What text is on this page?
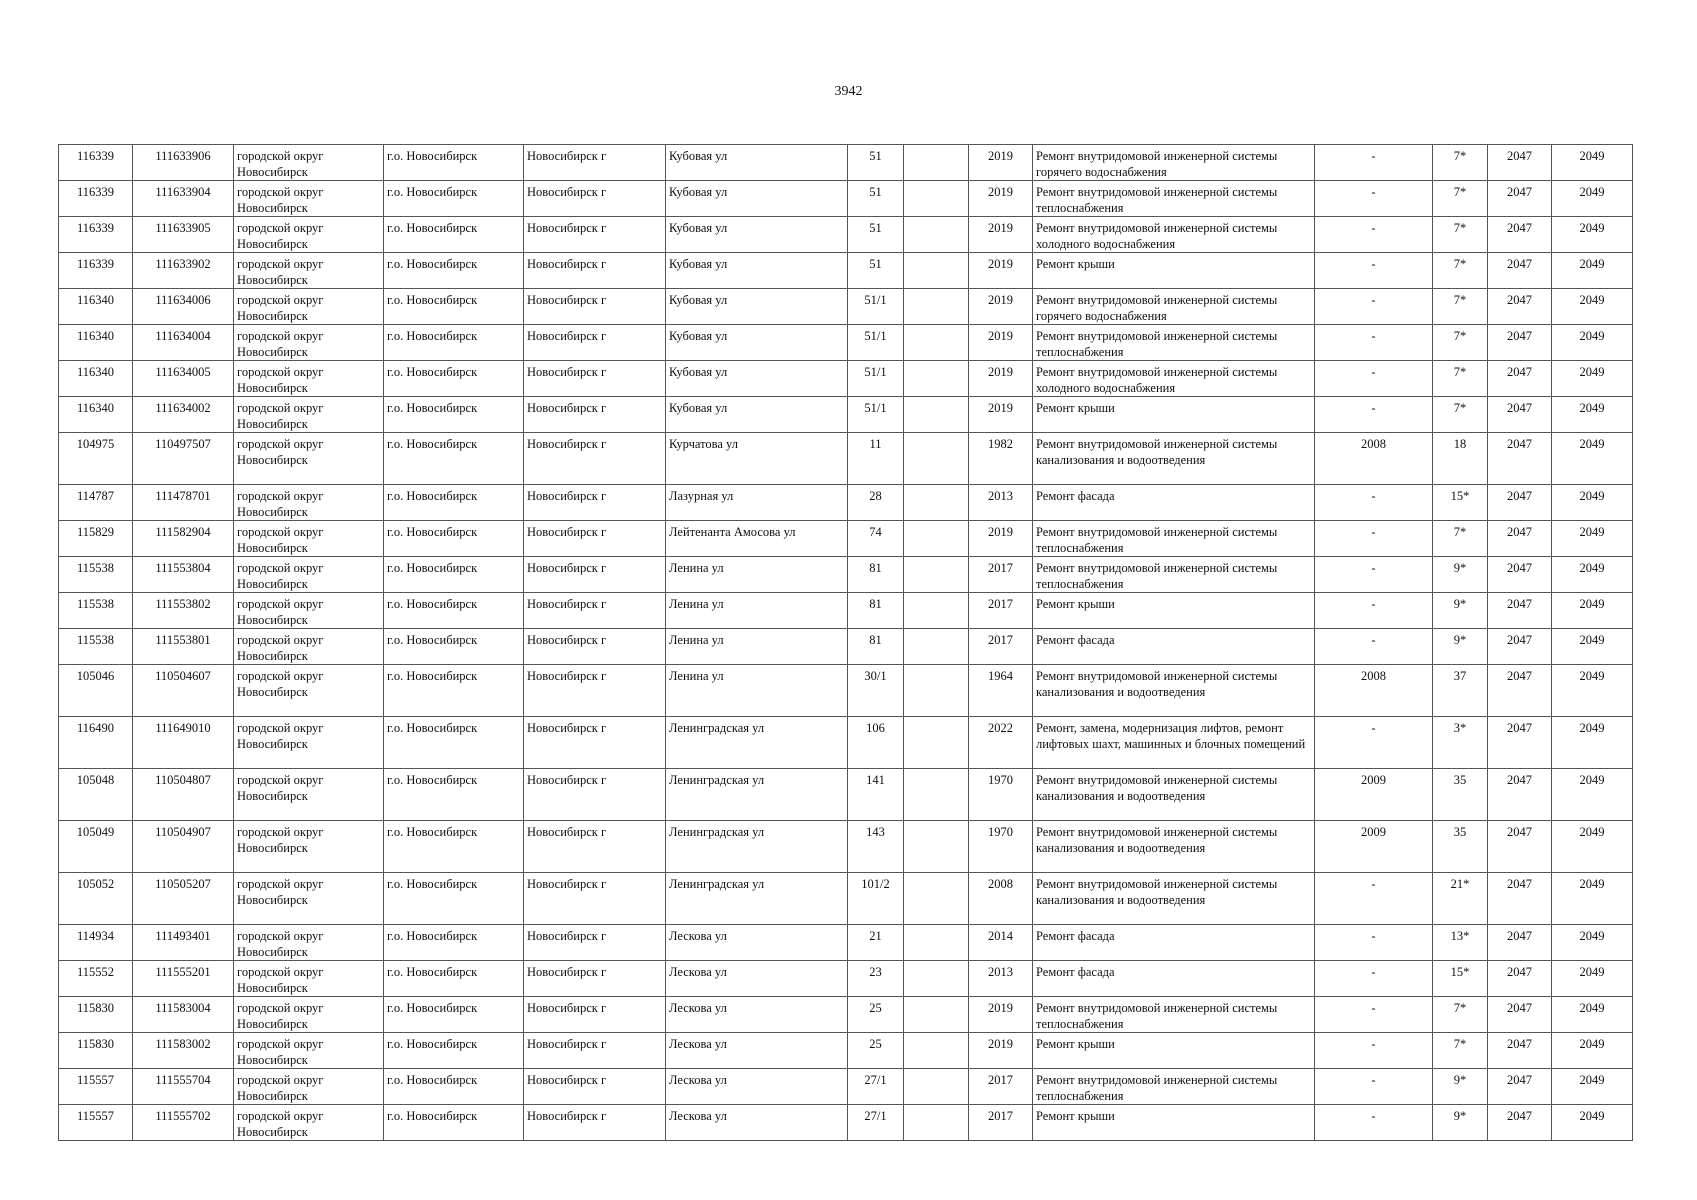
3942
116339	111633906	городской округ Новосибирск	г.о. Новосибирск	Новосибирск г	Кубовая ул	51		2019	Ремонт внутридомовой инженерной системы горячего водоснабжения	-	7*	2047	2049
116339	111633904	городской округ Новосибирск	г.о. Новосибирск	Новосибирск г	Кубовая ул	51		2019	Ремонт внутридомовой инженерной системы теплоснабжения	-	7*	2047	2049
116339	111633905	городской округ Новосибирск	г.о. Новосибирск	Новосибирск г	Кубовая ул	51		2019	Ремонт внутридомовой инженерной системы холодного водоснабжения	-	7*	2047	2049
116339	111633902	городской округ Новосибирск	г.о. Новосибирск	Новосибирск г	Кубовая ул	51		2019	Ремонт крыши	-	7*	2047	2049
116340	111634006	городской округ Новосибирск	г.о. Новосибирск	Новосибирск г	Кубовая ул	51/1		2019	Ремонт внутридомовой инженерной системы горячего водоснабжения	-	7*	2047	2049
116340	111634004	городской округ Новосибирск	г.о. Новосибирск	Новосибирск г	Кубовая ул	51/1		2019	Ремонт внутридомовой инженерной системы теплоснабжения	-	7*	2047	2049
116340	111634005	городской округ Новосибирск	г.о. Новосибирск	Новосибирск г	Кубовая ул	51/1		2019	Ремонт внутридомовой инженерной системы холодного водоснабжения	-	7*	2047	2049
116340	111634002	городской округ Новосибирск	г.о. Новосибирск	Новосибирск г	Кубовая ул	51/1		2019	Ремонт крыши	-	7*	2047	2049
104975	110497507	городской округ Новосибирск	г.о. Новосибирск	Новосибирск г	Курчатова ул	11		1982	Ремонт внутридомовой инженерной системы канализования и водоотведения	2008	18	2047	2049
114787	111478701	городской округ Новосибирск	г.о. Новосибирск	Новосибирск г	Лазурная ул	28		2013	Ремонт фасада	-	15*	2047	2049
115829	111582904	городской округ Новосибирск	г.о. Новосибирск	Новосибирск г	Лейтенанта Амосова ул	74		2019	Ремонт внутридомовой инженерной системы теплоснабжения	-	7*	2047	2049
115538	111553804	городской округ Новосибирск	г.о. Новосибирск	Новосибирск г	Ленина ул	81		2017	Ремонт внутридомовой инженерной системы теплоснабжения	-	9*	2047	2049
115538	111553802	городской округ Новосибирск	г.о. Новосибирск	Новосибирск г	Ленина ул	81		2017	Ремонт крыши	-	9*	2047	2049
115538	111553801	городской округ Новосибирск	г.о. Новосибирск	Новосибирск г	Ленина ул	81		2017	Ремонт фасада	-	9*	2047	2049
105046	110504607	городской округ Новосибирск	г.о. Новосибирск	Новосибирск г	Ленина ул	30/1		1964	Ремонт внутридомовой инженерной системы канализования и водоотведения	2008	37	2047	2049
116490	111649010	городской округ Новосибирск	г.о. Новосибирск	Новосибирск г	Ленинградская ул	106		2022	Ремонт, замена, модернизация лифтов, ремонт лифтовых шахт, машинных и блочных помещений	-	3*	2047	2049
105048	110504807	городской округ Новосибирск	г.о. Новосибирск	Новосибирск г	Ленинградская ул	141		1970	Ремонт внутридомовой инженерной системы канализования и водоотведения	2009	35	2047	2049
105049	110504907	городской округ Новосибирск	г.о. Новосибирск	Новосибирск г	Ленинградская ул	143		1970	Ремонт внутридомовой инженерной системы канализования и водоотведения	2009	35	2047	2049
105052	110505207	городской округ Новосибирск	г.о. Новосибирск	Новосибирск г	Ленинградская ул	101/2		2008	Ремонт внутридомовой инженерной системы канализования и водоотведения	-	21*	2047	2049
114934	111493401	городской округ Новосибирск	г.о. Новосибирск	Новосибирск г	Лескова ул	21		2014	Ремонт фасада	-	13*	2047	2049
115552	111555201	городской округ Новосибирск	г.о. Новосибирск	Новосибирск г	Лескова ул	23		2013	Ремонт фасада	-	15*	2047	2049
115830	111583004	городской округ Новосибирск	г.о. Новосибирск	Новосибирск г	Лескова ул	25		2019	Ремонт внутридомовой инженерной системы теплоснабжения	-	7*	2047	2049
115830	111583002	городской округ Новосибирск	г.о. Новосибирск	Новосибирск г	Лескова ул	25		2019	Ремонт крыши	-	7*	2047	2049
115557	111555704	городской округ Новосибирск	г.о. Новосибирск	Новосибирск г	Лескова ул	27/1		2017	Ремонт внутридомовой инженерной системы теплоснабжения	-	9*	2047	2049
115557	111555702	городской округ Новосибирск	г.о. Новосибирск	Новосибирск г	Лескова ул	27/1		2017	Ремонт крыши	-	9*	2047	2049
